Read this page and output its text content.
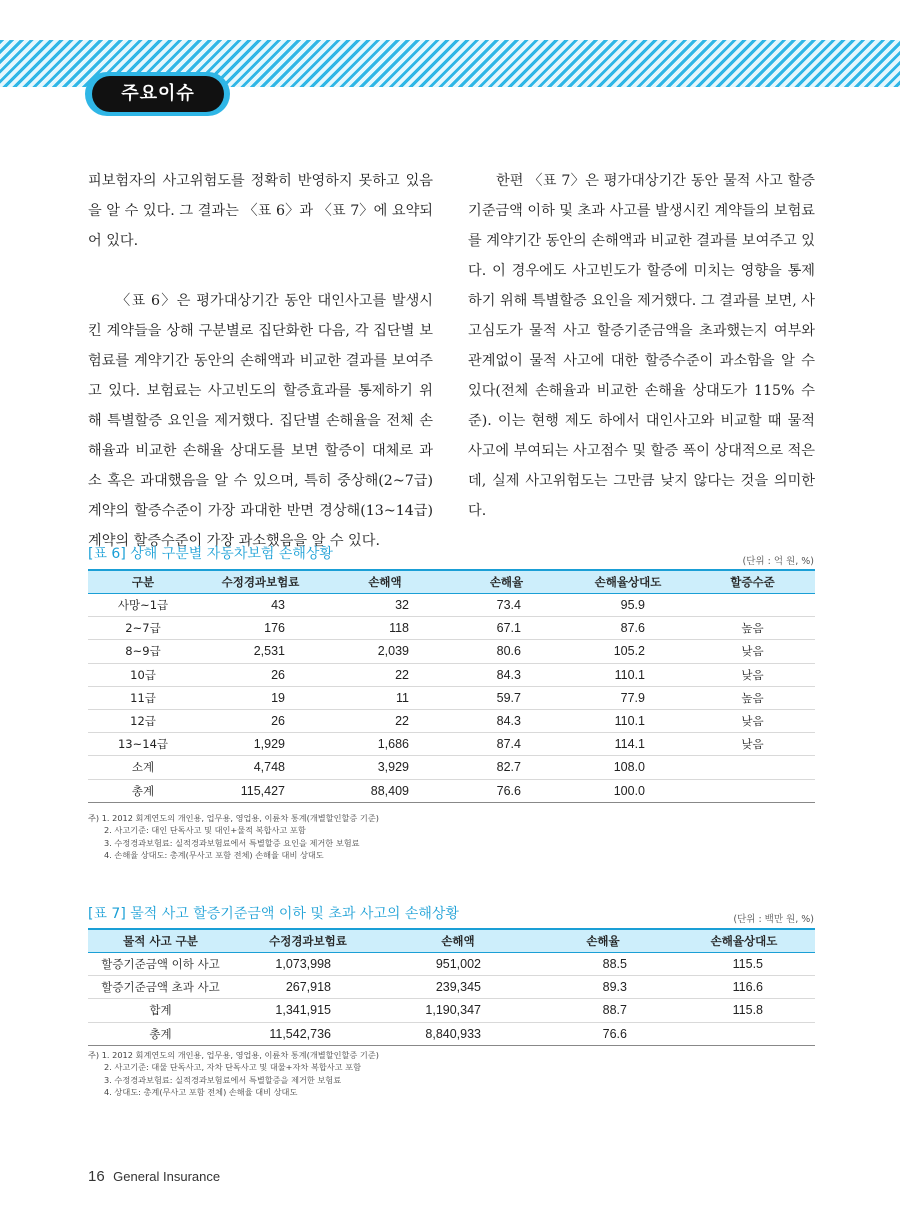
주요이슈

피보험자의 사고위험도를 정확히 반영하지 못하고 있음을 알 수 있다. 그 결과는 〈표 6〉과 〈표 7〉에 요약되어 있다.

〈표 6〉은 평가대상기간 동안 대인사고를 발생시킨 계약들을 상해 구분별로 집단화한 다음, 각 집단별 보험료를 계약기간 동안의 손해액과 비교한 결과를 보여주고 있다. 보험료는 사고빈도의 할증효과를 통제하기 위해 특별할증 요인을 제거했다. 집단별 손해율을 전체 손해율과 비교한 손해율 상대도를 보면 할증이 대체로 과소 혹은 과대했음을 알 수 있으며, 특히 중상해(2~7급) 계약의 할증수준이 가장 과대한 반면 경상해(13~14급) 계약의 할증수준이 가장 과소했음을 알 수 있다.

한편 〈표 7〉은 평가대상기간 동안 물적 사고 할증기준금액 이하 및 초과 사고를 발생시킨 계약들의 보험료를 계약기간 동안의 손해액과 비교한 결과를 보여주고 있다. 이 경우에도 사고빈도가 할증에 미치는 영향을 통제하기 위해 특별할증 요인을 제거했다. 그 결과를 보면, 사고심도가 물적 사고 할증기준금액을 초과했는지 여부와 관계없이 물적 사고에 대한 할증수준이 과소함을 알 수 있다(전체 손해율과 비교한 손해율 상대도가 115% 수준). 이는 현행 제도 하에서 대인사고와 비교할 때 물적 사고에 부여되는 사고점수 및 할증 폭이 상대적으로 적은데, 실제 사고위험도는 그만큼 낮지 않다는 것을 의미한다.

[표 6] 상해 구분별 자동차보험 손해상황	(단위 : 억 원, %)
구분	수정경과보험료	손해액	손해율	손해율상대도	할증수준
사망~1급	43	32	73.4	95.9	
2~7급	176	118	67.1	87.6	높음
8~9급	2,531	2,039	80.6	105.2	낮음
10급	26	22	84.3	110.1	낮음
11급	19	11	59.7	77.9	높음
12급	26	22	84.3	110.1	낮음
13~14급	1,929	1,686	87.4	114.1	낮음
소계	4,748	3,929	82.7	108.0	
총계	115,427	88,409	76.6	100.0	
주) 1. 2012 회계연도의 개인용, 업무용, 영업용, 이륜차 통계(개별할인할증 기준)
2. 사고기준: 대인 단독사고 및 대인+물적 복합사고 포함
3. 수정경과보험료: 실적경과보험료에서 특별할증 요인을 제거한 보험료
4. 손해율 상대도: 총계(무사고 포함 전체) 손해율 대비 상대도
[표 7] 물적 사고 할증기준금액 이하 및 초과 사고의 손해상황	(단위 : 백만 원, %)
물적 사고 구분	수정경과보험료	손해액	손해율	손해율상대도
할증기준금액 이하 사고	1,073,998	951,002	88.5	115.5
할증기준금액 초과 사고	267,918	239,345	89.3	116.6
합계	1,341,915	1,190,347	88.7	115.8
총계	11,542,736	8,840,933	76.6	
주) 1. 2012 회계연도의 개인용, 업무용, 영업용, 이륜차 통계(개별할인할증 기준)
2. 사고기준: 대물 단독사고, 자차 단독사고 및 대물+자차 복합사고 포함
3. 수정경과보험료: 실적경과보험료에서 특별할증을 제거한 보험료
4. 상대도: 총계(무사고 포함 전체) 손해율 대비 상대도
16 General Insurance
